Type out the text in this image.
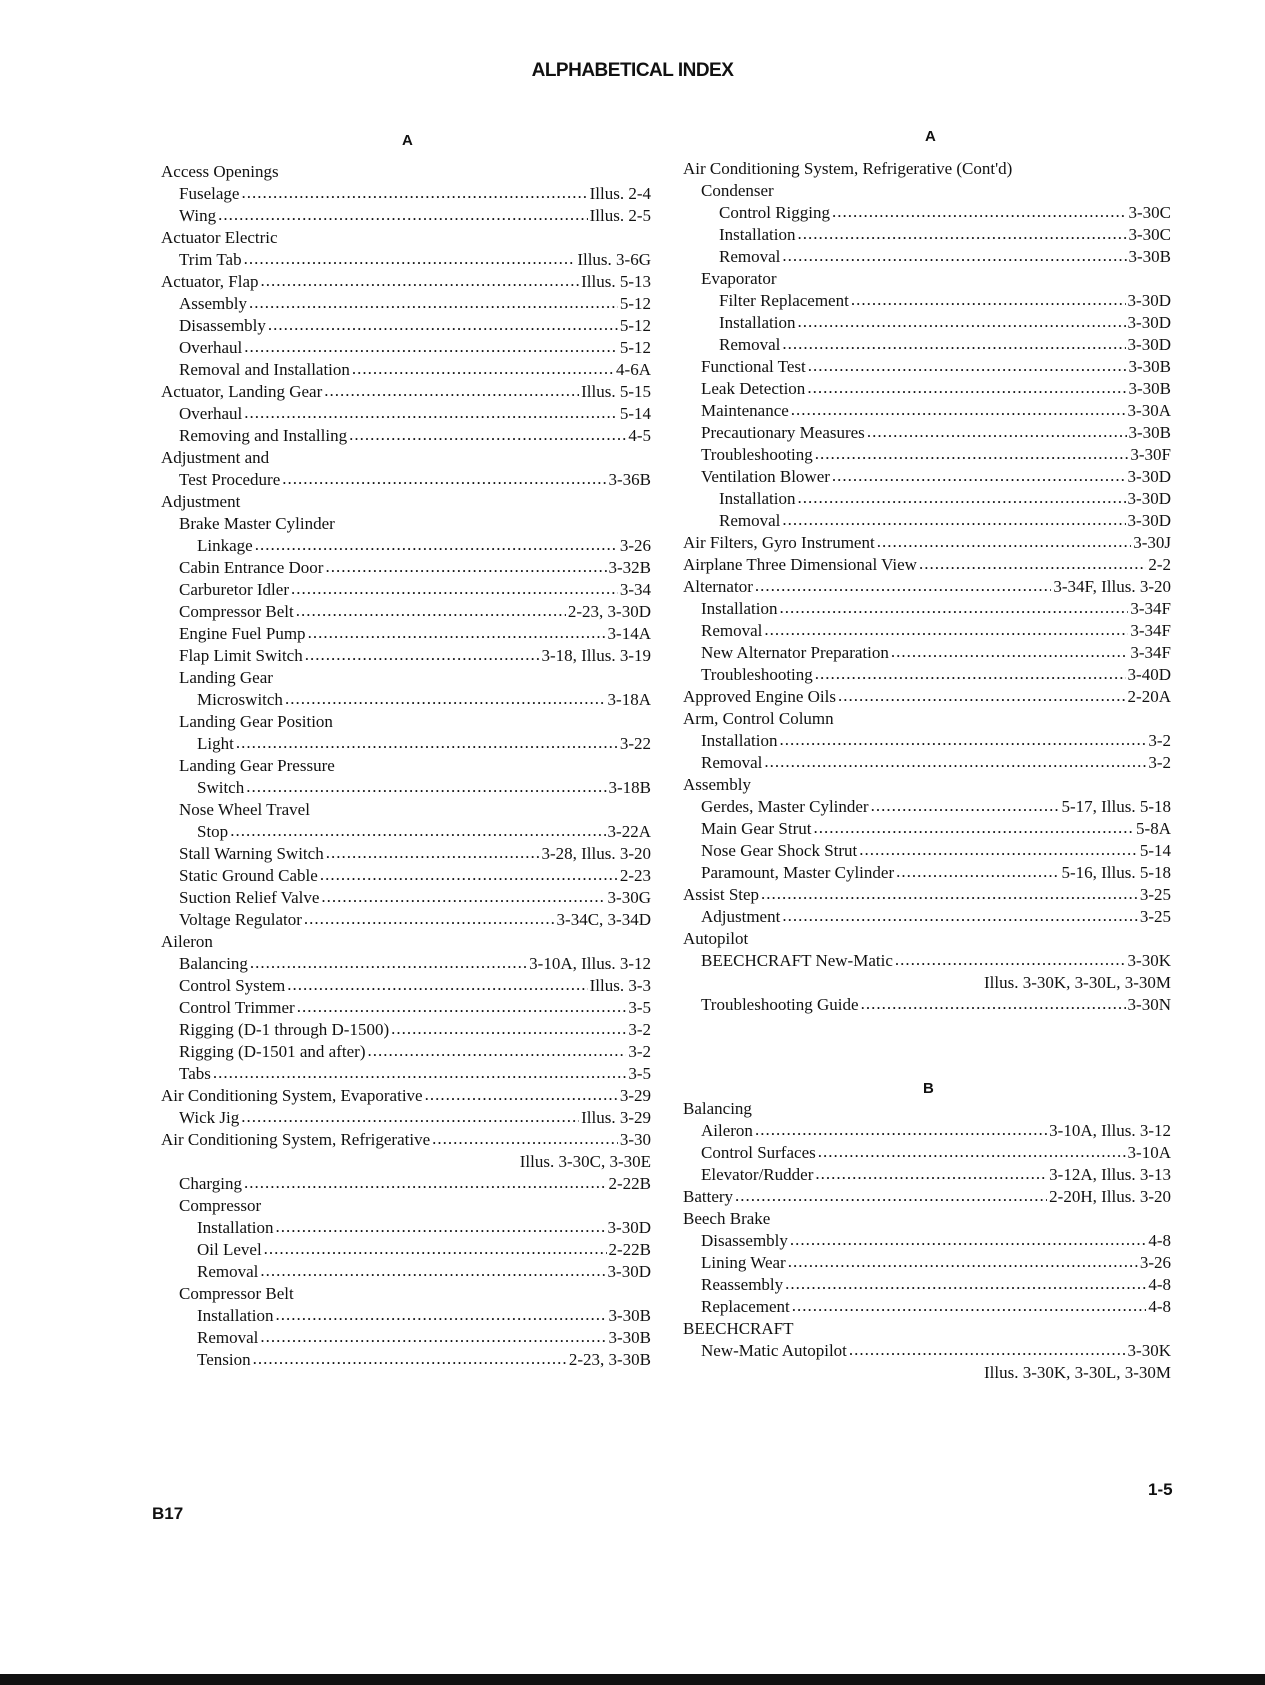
ALPHABETICAL INDEX
A
Access Openings
Fuselage .....	Illus. 2-4
Wing .....	Illus. 2-5
Actuator Electric
Trim Tab .....	Illus. 3-6G
Actuator, Flap .....	Illus. 5-13
Assembly .....	5-12
Disassembly .....	5-12
Overhaul .....	5-12
Removal and Installation .....	4-6A
Actuator, Landing Gear .....	Illus. 5-15
Overhaul .....	5-14
Removing and Installing .....	4-5
Adjustment and
Test Procedure .....	3-36B
Adjustment
Brake Master Cylinder
Linkage .....	3-26
Cabin Entrance Door .....	3-32B
Carburetor Idler .....	3-34
Compressor Belt .....	2-23, 3-30D
Engine Fuel Pump .....	3-14A
Flap Limit Switch .....	3-18, Illus. 3-19
Landing Gear
Microswitch .....	3-18A
Landing Gear Position
Light .....	3-22
Landing Gear Pressure
Switch .....	3-18B
Nose Wheel Travel
Stop .....	3-22A
Stall Warning Switch .....	3-28, Illus. 3-20
Static Ground Cable .....	2-23
Suction Relief Valve .....	3-30G
Voltage Regulator .....	3-34C, 3-34D
Aileron
Balancing .....	3-10A, Illus. 3-12
Control System .....	Illus. 3-3
Control Trimmer .....	3-5
Rigging (D-1 through D-1500) .....	3-2
Rigging (D-1501 and after) .....	3-2
Tabs .....	3-5
Air Conditioning System, Evaporative .....	3-29
Wick Jig .....	Illus. 3-29
Air Conditioning System, Refrigerative .....	3-30
Illus. 3-30C, 3-30E
Charging .....	2-22B
Compressor
Installation .....	3-30D
Oil Level .....	2-22B
Removal .....	3-30D
Compressor Belt
Installation .....	3-30B
Removal .....	3-30B
Tension .....	2-23, 3-30B
A
Air Conditioning System, Refrigerative (Cont'd)
Condenser
Control Rigging .....	3-30C
Installation .....	3-30C
Removal .....	3-30B
Evaporator
Filter Replacement .....	3-30D
Installation .....	3-30D
Removal .....	3-30D
Functional Test .....	3-30B
Leak Detection .....	3-30B
Maintenance .....	3-30A
Precautionary Measures .....	3-30B
Troubleshooting .....	3-30F
Ventilation Blower .....	3-30D
Installation .....	3-30D
Removal .....	3-30D
Air Filters, Gyro Instrument .....	3-30J
Airplane Three Dimensional View .....	2-2
Alternator .....	3-34F, Illus. 3-20
Installation .....	3-34F
Removal .....	3-34F
New Alternator Preparation .....	3-34F
Troubleshooting .....	3-40D
Approved Engine Oils .....	2-20A
Arm, Control Column
Installation .....	3-2
Removal .....	3-2
Assembly
Gerdes, Master Cylinder .....	5-17, Illus. 5-18
Main Gear Strut .....	5-8A
Nose Gear Shock Strut .....	5-14
Paramount, Master Cylinder .....	5-16, Illus. 5-18
Assist Step .....	3-25
Adjustment .....	3-25
Autopilot
BEECHCRAFT New-Matic .....	3-30K
Illus. 3-30K, 3-30L, 3-30M
Troubleshooting Guide .....	3-30N
B
Balancing
Aileron .....	3-10A, Illus. 3-12
Control Surfaces .....	3-10A
Elevator/Rudder .....	3-12A, Illus. 3-13
Battery .....	2-20H, Illus. 3-20
Beech Brake
Disassembly .....	4-8
Lining Wear .....	3-26
Reassembly .....	4-8
Replacement .....	4-8
BEECHCRAFT
New-Matic Autopilot .....	3-30K
Illus. 3-30K, 3-30L, 3-30M
B17
1-5
